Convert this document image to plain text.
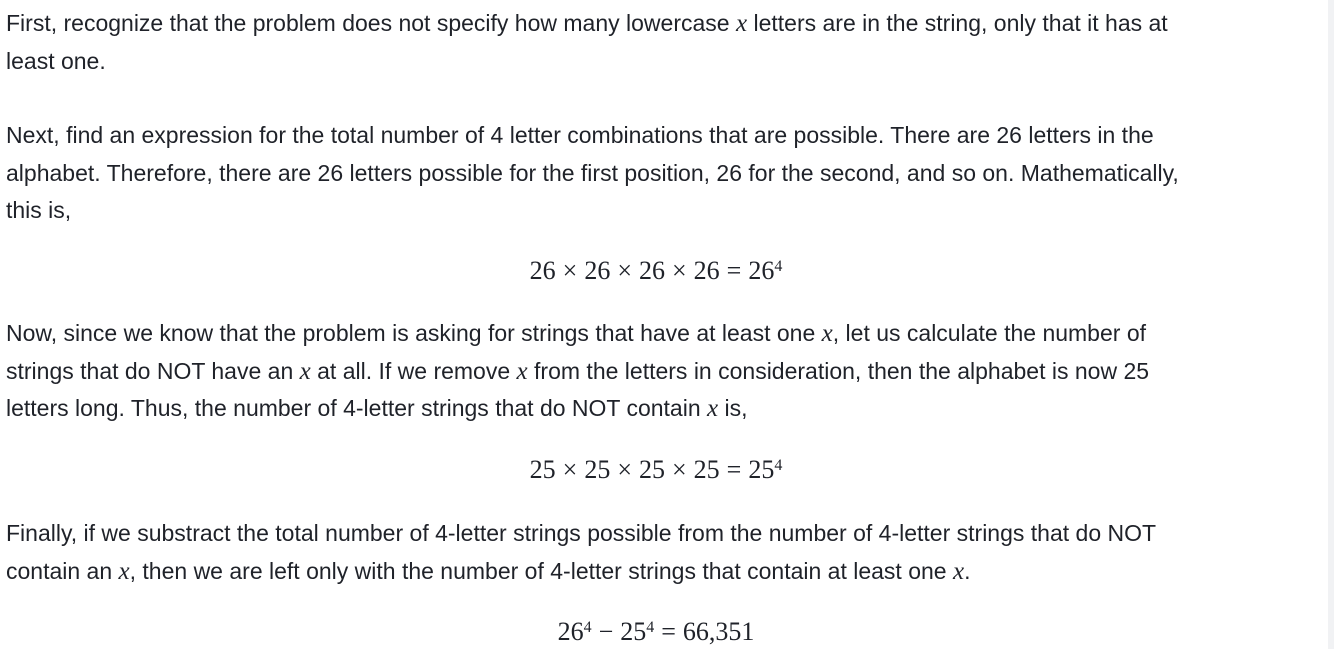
First, recognize that the problem does not specify how many lowercase x letters are in the string, only that it has at
least one.

Next, find an expression for the total number of 4 letter combinations that are possible. There are 26 letters in the
alphabet. Therefore, there are 26 letters possible for the first position, 26 for the second, and so on. Mathematically,
this is,

$26 \times 26 \times 26 \times 26 = 26^4$

Now, since we know that the problem is asking for strings that have at least one x, let us calculate the number of
strings that do NOT have an x at all. If we remove x from the letters in consideration, then the alphabet is now 25
letters long. Thus, the number of 4-letter strings that do NOT contain x is,

$25 \times 25 \times 25 \times 25 = 25^4$

Finally, if we substract the total number of 4-letter strings possible from the number of 4-letter strings that do NOT
contain an x, then we are left only with the number of 4-letter strings that contain at least one x.

$26^4 - 25^4 = 66,351$
